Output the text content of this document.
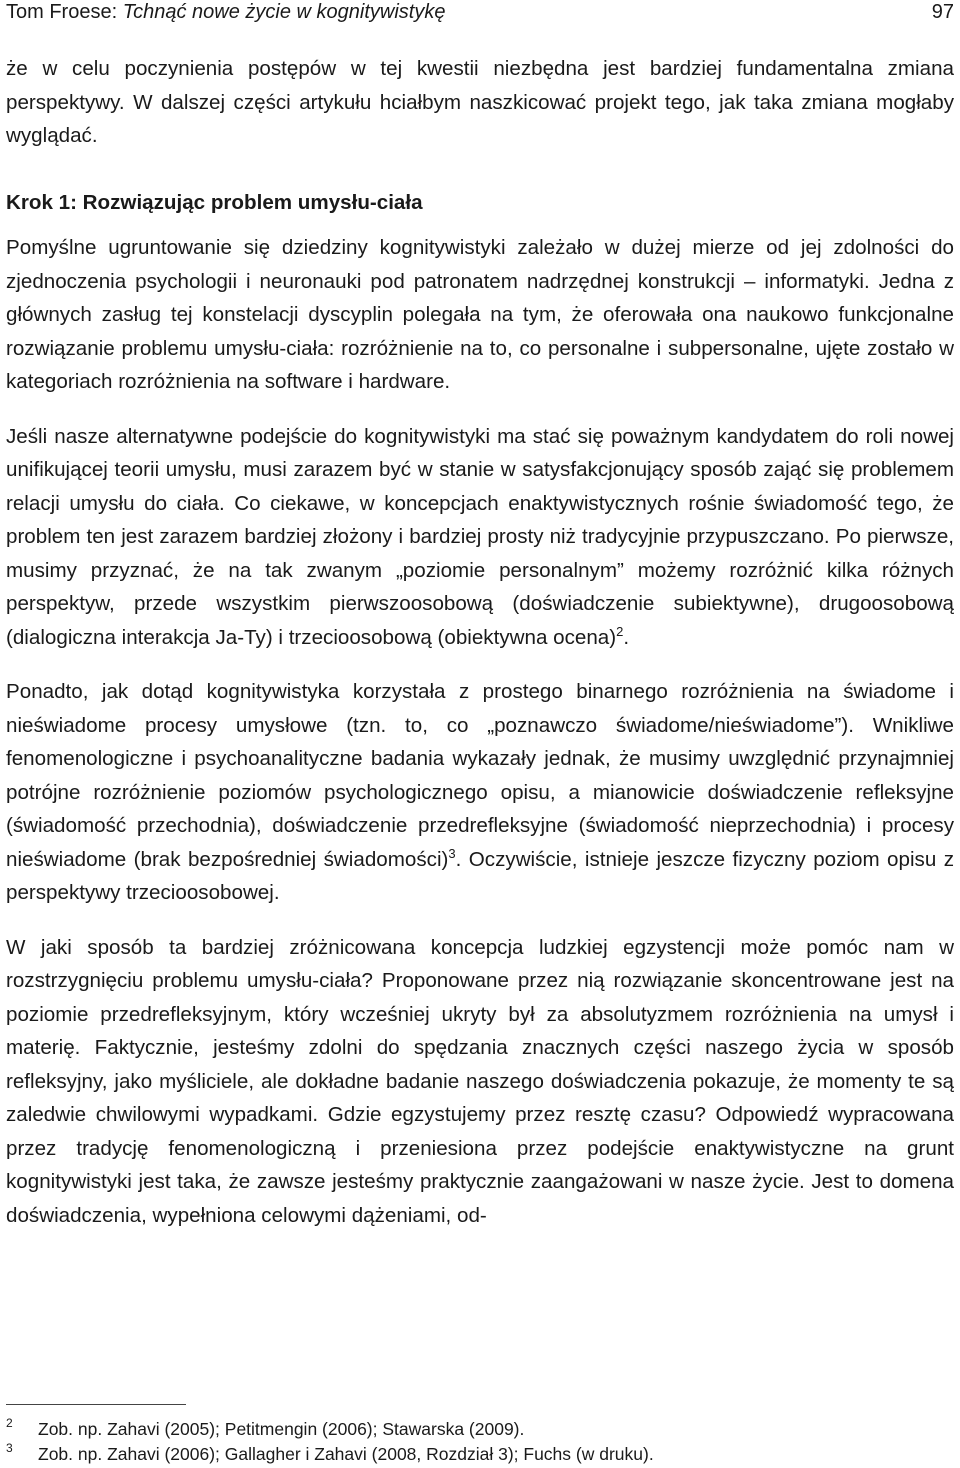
Tom Froese: Tchnąć nowe życie w kognitywistykę	97

że w celu poczynienia postępów w tej kwestii niezbędna jest bardziej fundamentalna zmiana perspektywy. W dalszej części artykułu hciałbym naszkicować projekt tego, jak taka zmiana mogłaby wyglądać.

Krok 1: Rozwiązując problem umysłu-ciała

Pomyślne ugruntowanie się dziedziny kognitywistyki zależało w dużej mierze od jej zdolności do zjednoczenia psychologii i neuronauki pod patronatem nadrzędnej konstrukcji – informatyki. Jedna z głównych zasług tej konstelacji dyscyplin polegała na tym, że oferowała ona naukowo funkcjonalne rozwiązanie problemu umysłu-ciała: rozróżnienie na to, co personalne i subpersonalne, ujęte zostało w kategoriach rozróżnienia na software i hardware.

Jeśli nasze alternatywne podejście do kognitywistyki ma stać się poważnym kandydatem do roli nowej unifikującej teorii umysłu, musi zarazem być w stanie w satysfakcjonujący sposób zająć się problemem relacji umysłu do ciała. Co ciekawe, w koncepcjach enaktywistycznych rośnie świadomość tego, że problem ten jest zarazem bardziej złożony i bardziej prosty niż tradycyjnie przypuszczano. Po pierwsze, musimy przyznać, że na tak zwanym „poziomie personalnym” możemy rozróżnić kilka różnych perspektyw, przede wszystkim pierwszoosobową (doświadczenie subiektywne), drugoosobową (dialogiczna interakcja Ja-Ty) i trzecioosobową (obiektywna ocena)$^2$.

Ponadto, jak dotąd kognitywistyka korzystała z prostego binarnego rozróżnienia na świadome i nieświadome procesy umysłowe (tzn. to, co „poznawczo świadome/nieświadome”). Wnikliwe fenomenologiczne i psychoanalityczne badania wykazały jednak, że musimy uwzględnić przynajmniej potrójne rozróżnienie poziomów psychologicznego opisu, a mianowicie doświadczenie refleksyjne (świadomość przechodnia), doświadczenie przedrefleksyjne (świadomość nieprzechodnia) i procesy nieświadome (brak bezpośredniej świadomości)$^3$. Oczywiście, istnieje jeszcze fizyczny poziom opisu z perspektywy trzecioosobowej.

W jaki sposób ta bardziej zróżnicowana koncepcja ludzkiej egzystencji może pomóc nam w rozstrzygnięciu problemu umysłu-ciała? Proponowane przez nią rozwiązanie skoncentrowane jest na poziomie przedrefleksyjnym, który wcześniej ukryty był za absolutyzmem rozróżnienia na umysł i materię. Faktycznie, jesteśmy zdolni do spędzania znacznych części naszego życia w sposób refleksyjny, jako myśliciele, ale dokładne badanie naszego doświadczenia pokazuje, że momenty te są zaledwie chwilowymi wypadkami. Gdzie egzystujemy przez resztę czasu? Odpowiedź wypracowana przez tradycję fenomenologiczną i przeniesiona przez podejście enaktywistyczne na grunt kognitywistyki jest taka, że zawsze jesteśmy praktycznie zaangażowani w nasze życie. Jest to domena doświadczenia, wypełniona celowymi dążeniami, od-

2	Zob. np. Zahavi (2005); Petitmengin (2006); Stawarska (2009).
3	Zob. np. Zahavi (2006); Gallagher i Zahavi (2008, Rozdział 3); Fuchs (w druku).
